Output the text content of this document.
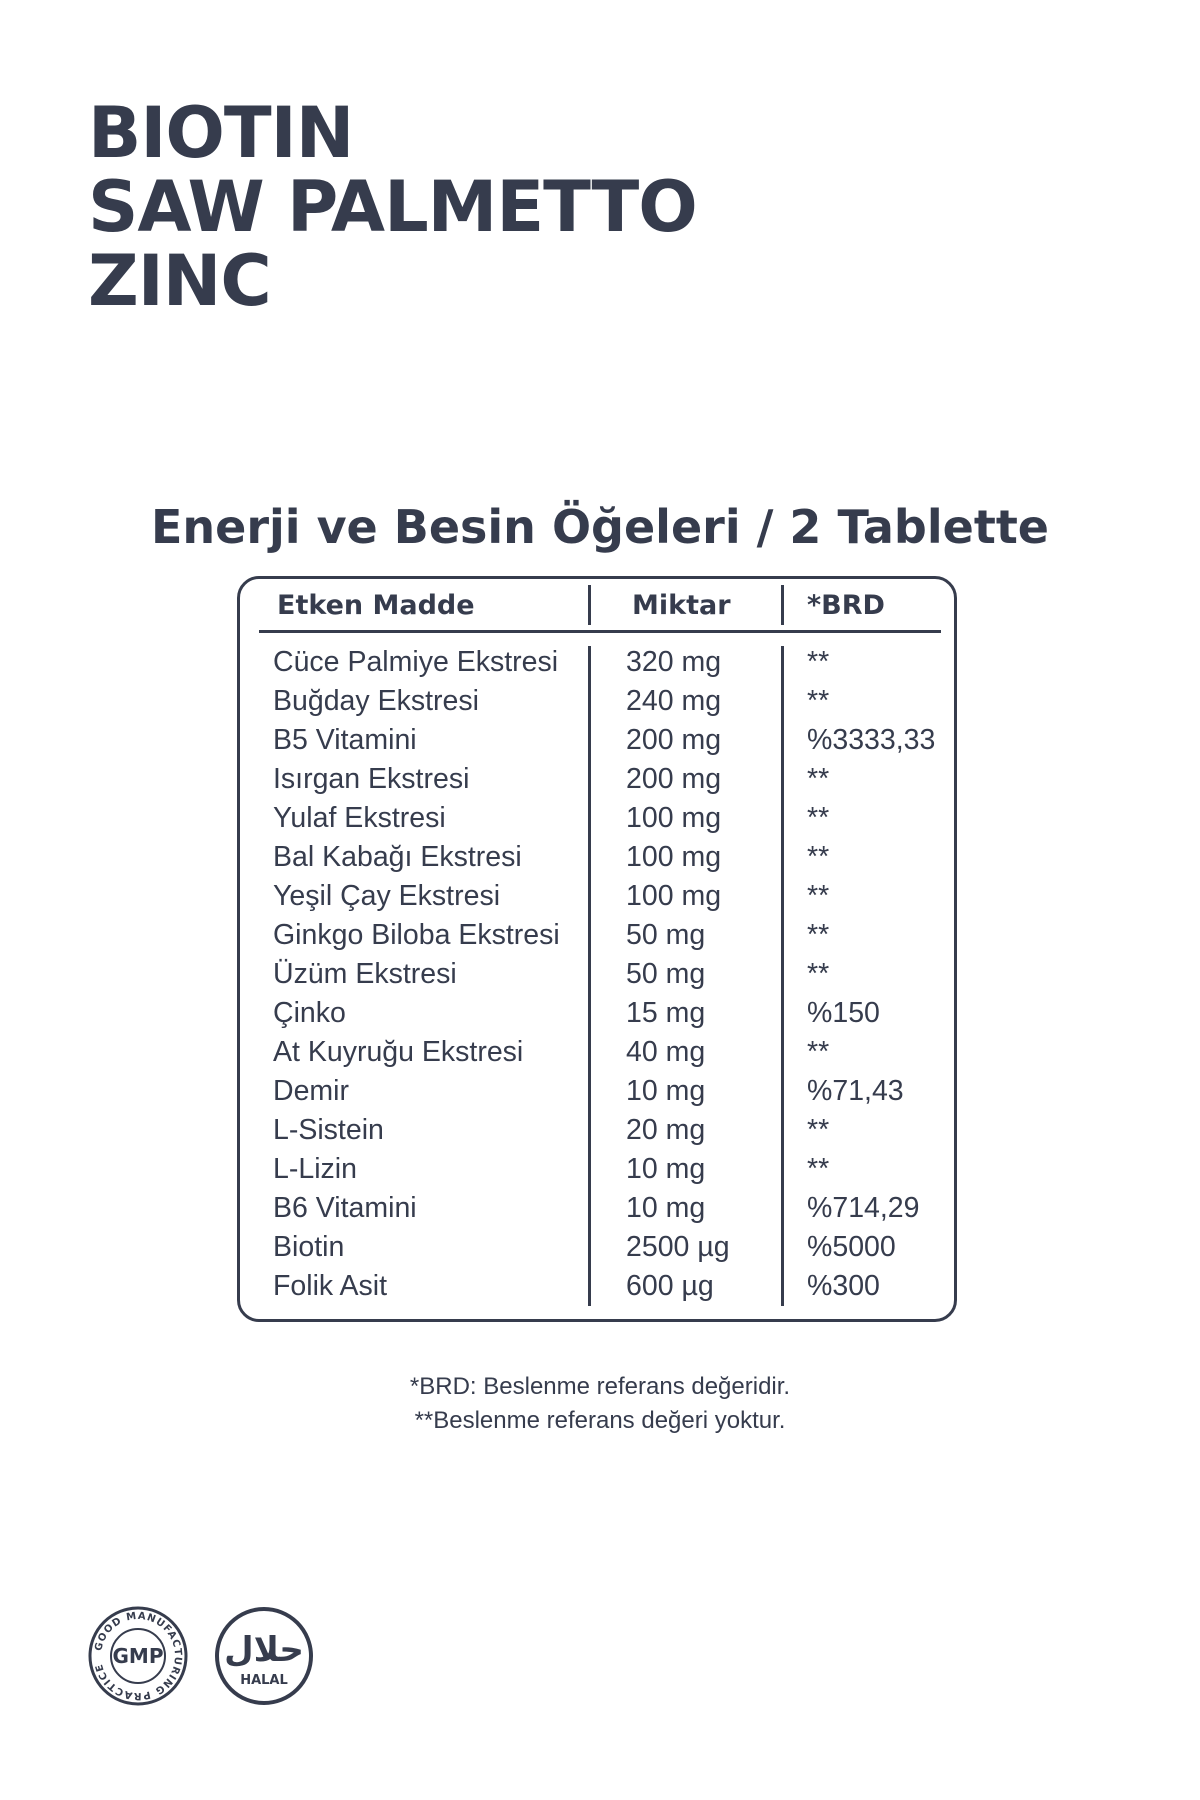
BIOTIN
SAW PALMETTO
ZINC
Enerji ve Besin Öğeleri / 2 Tablette
Etken Madde	Miktar	*BRD
Cüce Palmiye Ekstresi 320 mg	**
Buğday Ekstresi	240 mg	**
B5 Vitamini	200 mg	%3333,33
Isırgan Ekstresi	200 mg	**
Yulaf Ekstresi	100 mg	**
Bal Kabağı Ekstresi	100 mg	**
Yeşil Çay Ekstresi	100 mg	**
Ginkgo Biloba Ekstresi 50 mg	**
Üzüm Ekstresi	50 mg	**
Çinko	15 mg	%150
At Kuyruğu Ekstresi	40 mg	**
Demir	10 mg	%71,43
L-Sistein	20 mg	**
L-Lizin	10 mg	**
B6 Vitamini	10 mg	%714,29
Biotin	2500 µg	%5000
Folik Asit	600 µg	%300
*BRD: Beslenme referans değeridir.
**Beslenme referans değeri yoktur.
GOOD MANUFACTURING PRACTICE GMP حلال
HALAL
